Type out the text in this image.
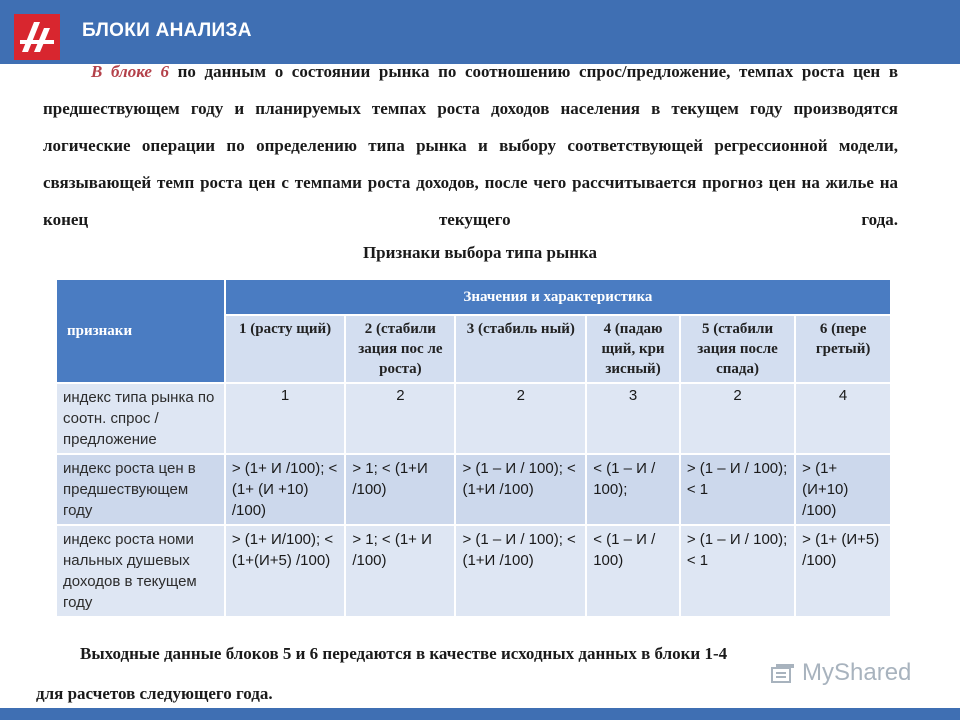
БЛОКИ АНАЛИЗА

В блоке 6 по данным о состоянии рынка по соотношению спрос/предложение, темпах роста цен в предшествующем году и планируемых темпах роста доходов населения в текущем году производятся логические операции по определению типа рынка и выбору соответствующей регрессионной модели, связывающей темп роста цен с темпами роста доходов, после чего рассчитывается прогноз цен на жилье на конец текущего года.

Признаки выбора типа рынка
признаки	Значения и характеристика					
	1 (расту щий)	2 (стабили зация пос ле роста)	3 (стабиль ный)	4 (падаю щий, кри зисный)	5 (стабили зация после спада)	6 (пере гретый)
индекс типа рынка по соотн. спрос /предложение	1	2	2	3	2	4
индекс роста цен в предшествующем году	> (1+ И /100); < (1+ (И +10) /100)	> 1; < (1+И /100)	> (1 – И / 100); < (1+И /100)	< (1 – И / 100);	> (1 – И / 100); < 1	> (1+ (И+10) /100)
индекс роста номи нальных душевых доходов в текущем году	> (1+ И/100); < (1+(И+5) /100)	> 1; < (1+ И /100)	> (1 – И / 100); < (1+И /100)	< (1 – И / 100)	> (1 – И / 100); < 1	> (1+ (И+5) /100)

Выходные данные блоков 5 и 6 передаются в качестве исходных данных в блоки 1-4

для расчетов следующего года.

MyShared
